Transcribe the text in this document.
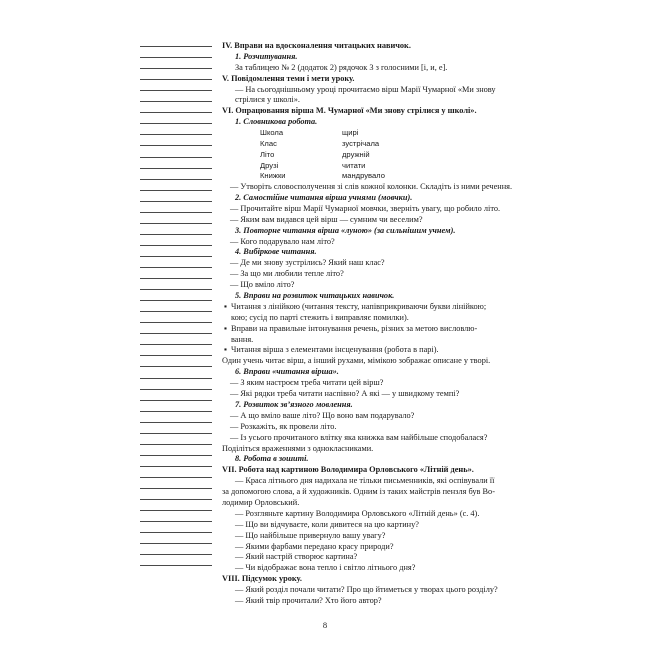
IV. Вправи на вдосконалення читацьких навичок.
1. Розчитування.
За таблицею № 2 (додаток 2) рядочок 3 з голосними [і, и, е].
V. Повідомлення теми і мети уроку.
— На сьогоднішньому уроці прочитаємо вірш Марії Чумарної «Ми знову
стрілися у школі».
VI. Опрацювання вірша М. Чумарної «Ми знову стрілися у школі».
1. Словникова робота.
Школа
Клас
Літо
Друзі
Книжки
щирі
зустрічала
дружній
читати
мандрувало
— Утворіть словосполучення зі слів кожної колонки. Складіть із ними речення.
2. Самостійне читання вірша учнями (мовчки).
— Прочитайте вірш Марії Чумарної мовчки, зверніть увагу, що робило літо.
— Яким вам видався цей вірш — сумним чи веселим?
3. Повторне читання вірша «луною» (за сильнішим учнем).
— Кого подарувало нам літо?
4. Вибіркове читання.
— Де ми знову зустрілись? Який наш клас?
— За що ми любили тепле літо?
— Що вміло літо?
5. Вправи на розвиток читацьких навичок.
▪ Читання з лінійкою (читання тексту, напівприкриваючи букви лінійкою;
кою; сусід по парті стежить і виправляє помилки).
▪ Вправи на правильне інтонування речень, різних за метою висловлю-
вання.
▪ Читання вірша з елементами інсценування (робота в парі).
Один учень читає вірш, а інший рухами, мімікою зображає описане у творі.
6. Вправи «читання вірша».
— З яким настроєм треба читати цей вірш?
— Які рядки треба читати наспівно? А які — у швидкому темпі?
7. Розвиток зв’язного мовлення.
— А що вміло ваше літо? Що воно вам подарувало?
— Розкажіть, як провели літо.
— Із усього прочитаного влітку яка книжка вам найбільше сподобалася?
Поділіться враженнями з однокласниками.
8. Робота в зошиті.
VII. Робота над картиною Володимира Орловського «Літній день».
— Краса літнього дня надихала не тільки письменників, які оспівували її
за допомогою слова, а й художників. Одним із таких майстрів пензля був Во-
лодимир Орловський.
— Розгляньте картину Володимира Орловського «Літній день» (с. 4).
— Що ви відчуваєте, коли дивитеся на цю картину?
— Що найбільше привернуло вашу увагу?
— Якими фарбами передано красу природи?
— Який настрій створює картина?
— Чи відображає вона тепло і світло літнього дня?
VIII. Підсумок уроку.
— Який розділ почали читати? Про що йтиметься у творах цього розділу?
— Який твір прочитали? Хто його автор?
8
